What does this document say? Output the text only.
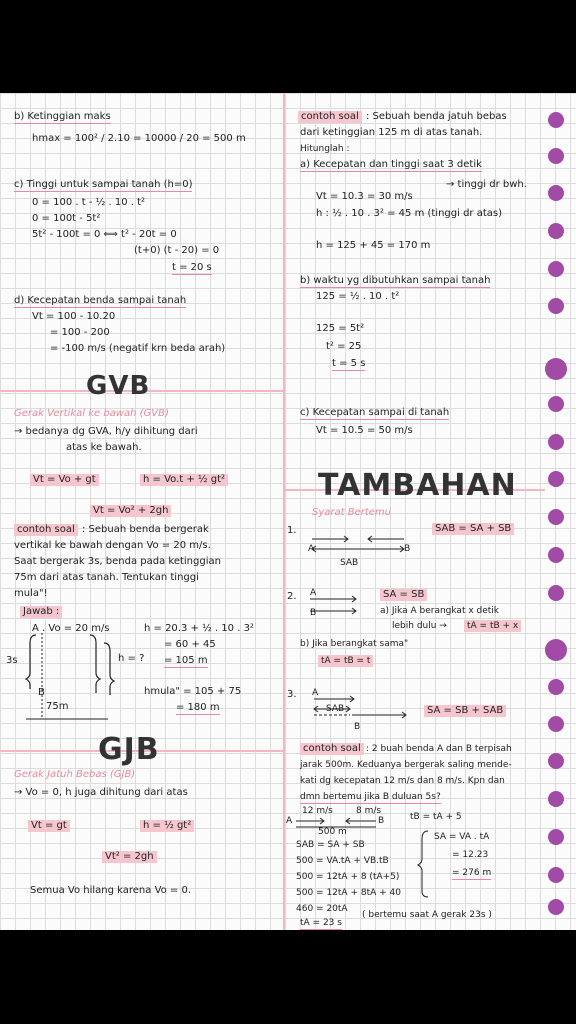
b) Ketinggian maks
hmax = 100² / 2.10 = 10000 / 20 = 500 m
c) Tinggi untuk sampai tanah (h=0)
0 = 100 . t - ½ . 10 . t²
0 = 100t - 5t²
5t² - 100t = 0 ⟺ t² - 20t = 0
(t+0) (t - 20) = 0
t = 20 s
d) Kecepatan benda sampai tanah
Vt = 100 - 10.20
= 100 - 200
= -100 m/s (negatif krn beda arah)
GVB
Gerak Vertikal ke bawah (GVB)
→ bedanya dg GVA, h/y dihitung dari
atas ke bawah.
Vt = Vo + gt	h = Vo.t + ½ gt²
Vt = Vo² + 2gh
contoh soal : Sebuah benda bergerak
vertikal ke bawah dengan Vo = 20 m/s.
Saat bergerak 3s, benda pada ketinggian
75m dari atas tanah. Tentukan tinggi
mula"!
Jawab :
A . Vo = 20 m/s
3s	h = ?
B
75m
h = 20.3 + ½ . 10 . 3²
= 60 + 45
= 105 m
hmula" = 105 + 75
= 180 m
GJB
Gerak Jatuh Bebas (GJB)
→ Vo = 0, h juga dihitung dari atas
Vt = gt	h = ½ gt²
Vt² = 2gh
Semua Vo hilang karena Vo = 0.
contoh soal : Sebuah benda jatuh bebas
dari ketinggian 125 m di atas tanah.
Hitunglah :
a) Kecepatan dan tinggi saat 3 detik
→ tinggi dr bwh.
Vt = 10.3 = 30 m/s
h : ½ . 10 . 3² = 45 m (tinggi dr atas)
h = 125 + 45 = 170 m
b) waktu yg dibutuhkan sampai tanah
125 = ½ . 10 . t²
125 = 5t²
t² = 25
t = 5 s
c) Kecepatan sampai di tanah
Vt = 10.5 = 50 m/s
TAMBAHAN
Syarat Bertemu
1.	SAB = SA + SB
A	B
SAB
2. A
B
SA = SB
a) Jika A berangkat x detik
lebih dulu →	tA = tB + x
b) Jika berangkat sama"
tA = tB = t
3. A
SAB
B
SA = SB + SAB
contoh soal : 2 buah benda A dan B terpisah
jarak 500m. Keduanya bergerak saling mende-
kati dg kecepatan 12 m/s dan 8 m/s. Kpn dan
dmn bertemu jika B duluan 5s?
12 m/s	8 m/s
tB = tA + 5
A	B
500 m
SAB = SA + SB
500 = VA.tA + VB.tB
500 = 12tA + 8 (tA+5)
500 = 12tA + 8tA + 40
460 = 20tA
tA = 23 s
( bertemu saat A gerak 23s )
SA = VA . tA
= 12.23
= 276 m
